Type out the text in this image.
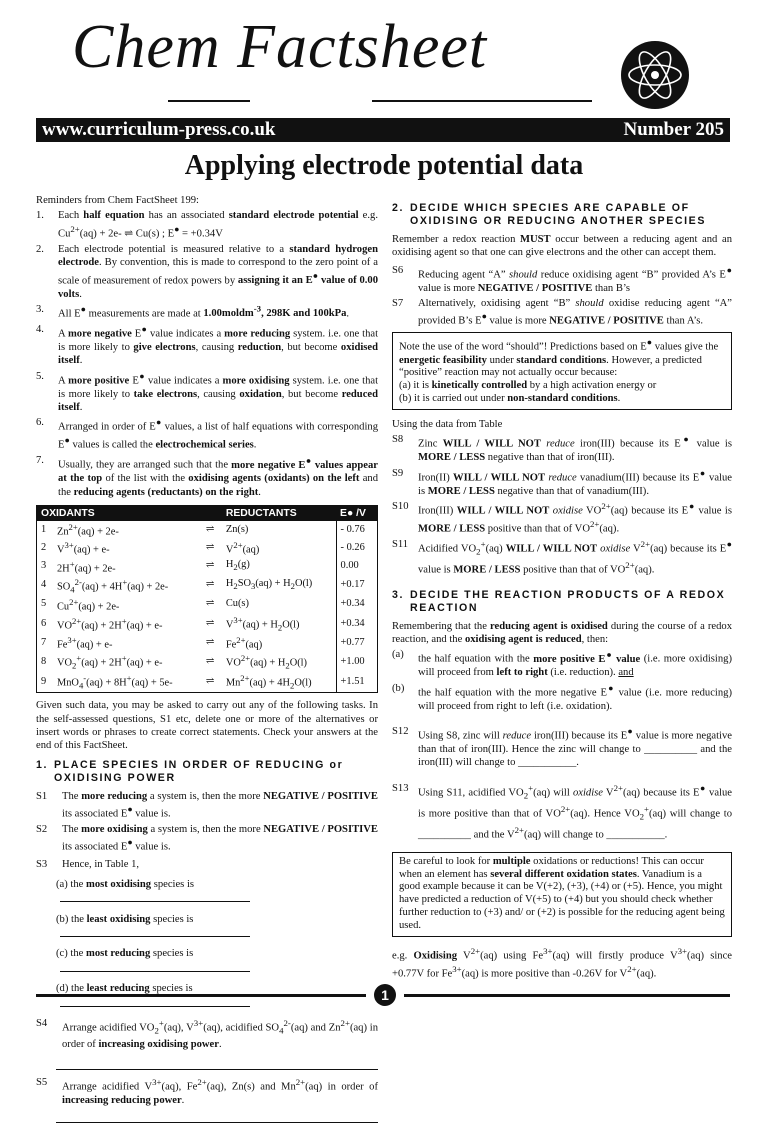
Chem Factsheet
www.curriculum-press.co.uk	Number 205
Applying electrode potential data

Reminders from Chem FactSheet 199:

1.	Each half equation has an associated standard electrode potential e.g. $Cu^{2+}(aq) + 2e-$ ⇌ Cu(s) ; E● = +0.34V
2.	Each electrode potential is measured relative to a standard hydrogen electrode. By convention, this is made to correspond to the zero point of a scale of measurement of redox powers by assigning it an E● value of 0.00 volts.
3.	All E● measurements are made at 1.00moldm$^{-3}$, 298K and 100kPa.
4.	A more negative E● value indicates a more reducing system. i.e. one that is more likely to give electrons, causing reduction, but become oxidised itself.
5.	A more positive E● value indicates a more oxidising system. i.e. one that is more likely to take electrons, causing oxidation, but become reduced itself.
6.	Arranged in order of E● values, a list of half equations with corresponding E● values is called the electrochemical series.
7.	Usually, they are arranged such that the more negative E● values appear at the top of the list with the oxidising agents (oxidants) on the left and the reducing agents (reductants) on the right.
OXIDANTS			REDUCTANTS	E● /V
1	$Zn^{2+}(aq) + 2e-$	⇌	Zn(s)	- 0.76
2	$V^{3+}(aq) + e-$	⇌	$V^{2+}(aq)$	- 0.26
3	2H+(aq) + 2e-	⇌	$H_2(g)$	0.00
4	$SO_4^{2-}(aq) + 4H^+(aq) + 2e-$	⇌	$H_2SO_3(aq) + H_2O(l)$	+0.17
5	$Cu^{2+}(aq) + 2e-$	⇌	Cu(s)	+0.34
6	$VO^{2+}(aq) + 2H^+(aq) + e-$	⇌	$V^{3+}(aq) + H_2O(l)$	+0.34
7	$Fe^{3+}(aq) + e-$	⇌	$Fe^{2+}(aq)$	+0.77
8	$VO_2^+(aq) + 2H^+(aq) + e-$	⇌	$VO^{2+}(aq) + H_2O(l)$	+1.00
9	MnO$_4$-(aq) + 8H+(aq) + 5e-	⇌	$Mn^{2+}(aq) + 4H_2O(l)$	+1.51

Given such data, you may be asked to carry out any of the following tasks. In the self-assessed questions, S1 etc, delete one or more of the alternatives or insert words or phrases to create correct statements. Check your answers at the end of this FactSheet.

1. PLACE SPECIES IN ORDER OF REDUCING or OXIDISING POWER
S1	The more reducing a system is, then the more NEGATIVE / POSITIVE its associated E● value is.
S2	The more oxidising a system is, then the more NEGATIVE / POSITIVE its associated E● value is.
S3	Hence, in Table 1,
(a) the most oxidising species is
(b) the least oxidising species is
(c) the most reducing species is
(d) the least reducing species is
S4	Arrange acidified $VO_2^+(aq)$, $V^{3+}(aq)$, acidified $SO_4^{2-}(aq)$ and $Zn^{2+}(aq)$ in order of increasing oxidising power.
S5	Arrange acidified $V^{3+}(aq)$, $Fe^{2+}(aq)$, Zn(s) and $Mn^{2+}(aq)$ in order of increasing reducing power.
2. DECIDE WHICH SPECIES ARE CAPABLE OF OXIDISING OR REDUCING ANOTHER SPECIES

Remember a redox reaction MUST occur between a reducing agent and an oxidising agent so that one can give electrons and the other can accept them.

S6	Reducing agent “A” should reduce oxidising agent “B” provided A’s E● value is more NEGATIVE / POSITIVE than B’s
S7	Alternatively, oxidising agent “B” should oxidise reducing agent “A” provided B’s E● value is more NEGATIVE / POSITIVE than A’s.
Note the use of the word “should”! Predictions based on E● values give the energetic feasibility under standard conditions. However, a predicted “positive” reaction may not actually occur because:
(a) it is kinetically controlled by a high activation energy or
(b) it is carried out under non-standard conditions.

Using the data from Table

S8	Zinc WILL / WILL NOT reduce iron(III) because its E● value is MORE / LESS negative than that of iron(III).
S9	Iron(II) WILL / WILL NOT reduce vanadium(III) because its E● value is MORE / LESS negative than that of vanadium(III).
S10 Iron(III) WILL / WILL NOT oxidise $VO^{2+}(aq)$ because its E● value is MORE / LESS positive than that of $VO^{2+}(aq)$.
S11 Acidified $VO_2^+(aq)$ WILL / WILL NOT oxidise $V^{2+}(aq)$ because its E● value is MORE / LESS positive than that of $VO^{2+}(aq)$.
3. DECIDE THE REACTION PRODUCTS OF A REDOX REACTION

Remembering that the reducing agent is oxidised during the course of a redox reaction, and the oxidising agent is reduced, then:

(a)	the half equation with the more positive E● value (i.e. more oxidising) will proceed from left to right (i.e. reduction). and
(b)	the half equation with the more negative E● value (i.e. more reducing) will proceed from right to left (i.e. oxidation).
S12 Using S8, zinc will reduce iron(III) because its E● value is more negative than that of iron(III). Hence the zinc will change to __________ and the iron(III) will change to ___________.
S13 Using S11, acidified $VO_2^+(aq)$ will oxidise $V^{2+}(aq)$ because its E● value is more positive than that of $VO^{2+}(aq)$. Hence $VO_2^+(aq)$ will change to __________ and the $V^{2+}(aq)$ will change to ___________.
Be careful to look for multiple oxidations or reductions! This can occur when an element has several different oxidation states. Vanadium is a good example because it can be V(+2), (+3), (+4) or (+5). Hence, you might have predicted a reduction of V(+5) to (+4) but you should check whether further reduction to (+3) and/ or (+2) is possible for the reducing agent being used.

e.g. Oxidising $V^{2+}(aq)$ using $Fe^{3+}(aq)$ will firstly produce $V^{3+}(aq)$ since +0.77V for $Fe^{3+}(aq)$ is more positive than -0.26V for $V^{2+}(aq)$.

1
